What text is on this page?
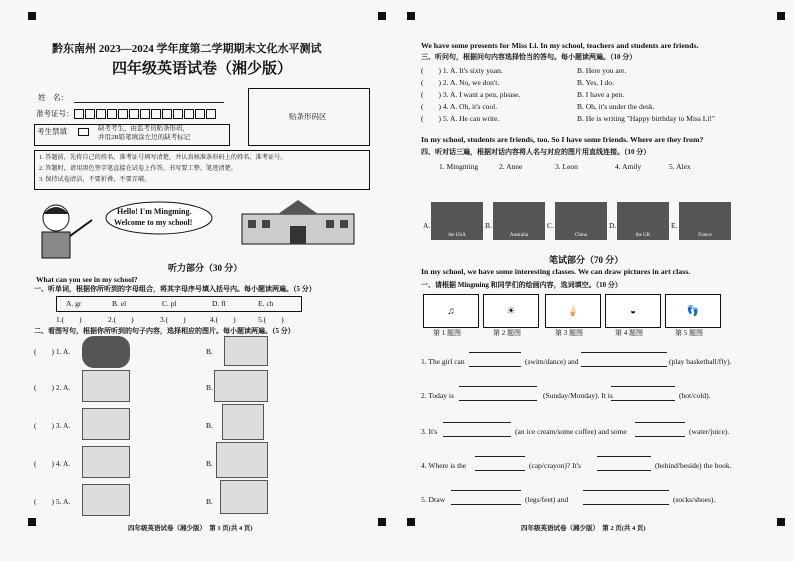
黔东南州 2023—2024 学年度第二学期期末文化水平测试
四年级英语试卷（湘少版）
姓　名：
准考证号：	贴条形码区
考生禁填	缺考考生，由监考员贴条形码，
并用2B铅笔填涂左边的缺考标记
1. 答题前，先将自己的姓名、准考证号填写清楚，并认真核准条形码上的姓名、准考证号。
2. 答题时，请用黑色签字笔直接在试卷上作答，书写要工整、笔迹清楚。
3. 保持试卷清洁，不要折叠、不要弄破。
Hello! I'm Mingming.
Welcome to my school!
听力部分（30 分）
What can you see in my school?
一、听单词，根据你所听到的字母组合，将其字母序号填入括号内。每小题读两遍。（5 分）
A. gr	B. el	C. pl	D. fl	E. ch
1.(　　)	2.(　　)	3.(　　)	4.(　　)	5.(　　)
二、看图写句，根据你所听到的句子内容，选择相应的图片。每小题读两遍。（5 分）
(　　) 1. A.	B.
(　　) 2. A.	B.
(　　) 3. A.	B.
(　　) 4. A.	B.
(　　) 5. A.	B.
四年级英语试卷（湘少版）　第 1 页(共 4 页)
We have some presents for Miss Li. In my school, teachers and students are friends.
三、听问句，根据问句内容选择恰当的答句。每小题读两遍。（10 分）
(　　) 1. A. It's sixty yuan.	B. Here you are.
(　　) 2. A. No, we don't.	B. Yes, I do.
(　　) 3. A. I want a pen, please.	B. I have a pen.
(　　) 4. A. Oh, it's cool.	B. Oh, it's under the desk.
(　　) 5. A. He can write.	B. He is writing "Happy birthday to Miss Li!"
In my school, students are friends, too. So I have some friends. Where are they from?
四、听对话三遍，根据对话内容将人名与对应的图片用直线连接。（10 分）
1. Mingming	2. Anne	3. Leon	4. Amily	5. Alex
A.
the USA
B.
Australia
C.
China
D.
the UK
E.
France
笔试部分（70 分）
In my school, we have some interesting classes. We can draw pictures in art class.
一、请根据 Mingming 和同学们的绘画内容，选词填空。（10 分）
♫	☀	🍦	◒	👣
第 1 题图	第 2 题图	第 3 题图	第 4 题图	第 5 题图
1. The girl can	(swim/dance) and	(play basketball/fly).
2. Today is	(Sunday/Monday). It is	(hot/cold).
3. It's	(an ice cream/some coffee) and some	(water/juice).
4. Where is the	(cap/crayon)? It's	(behind/beside) the book.
5. Draw	(legs/feet) and	(socks/shoes).
四年级英语试卷（湘少版）　第 2 页(共 4 页)
